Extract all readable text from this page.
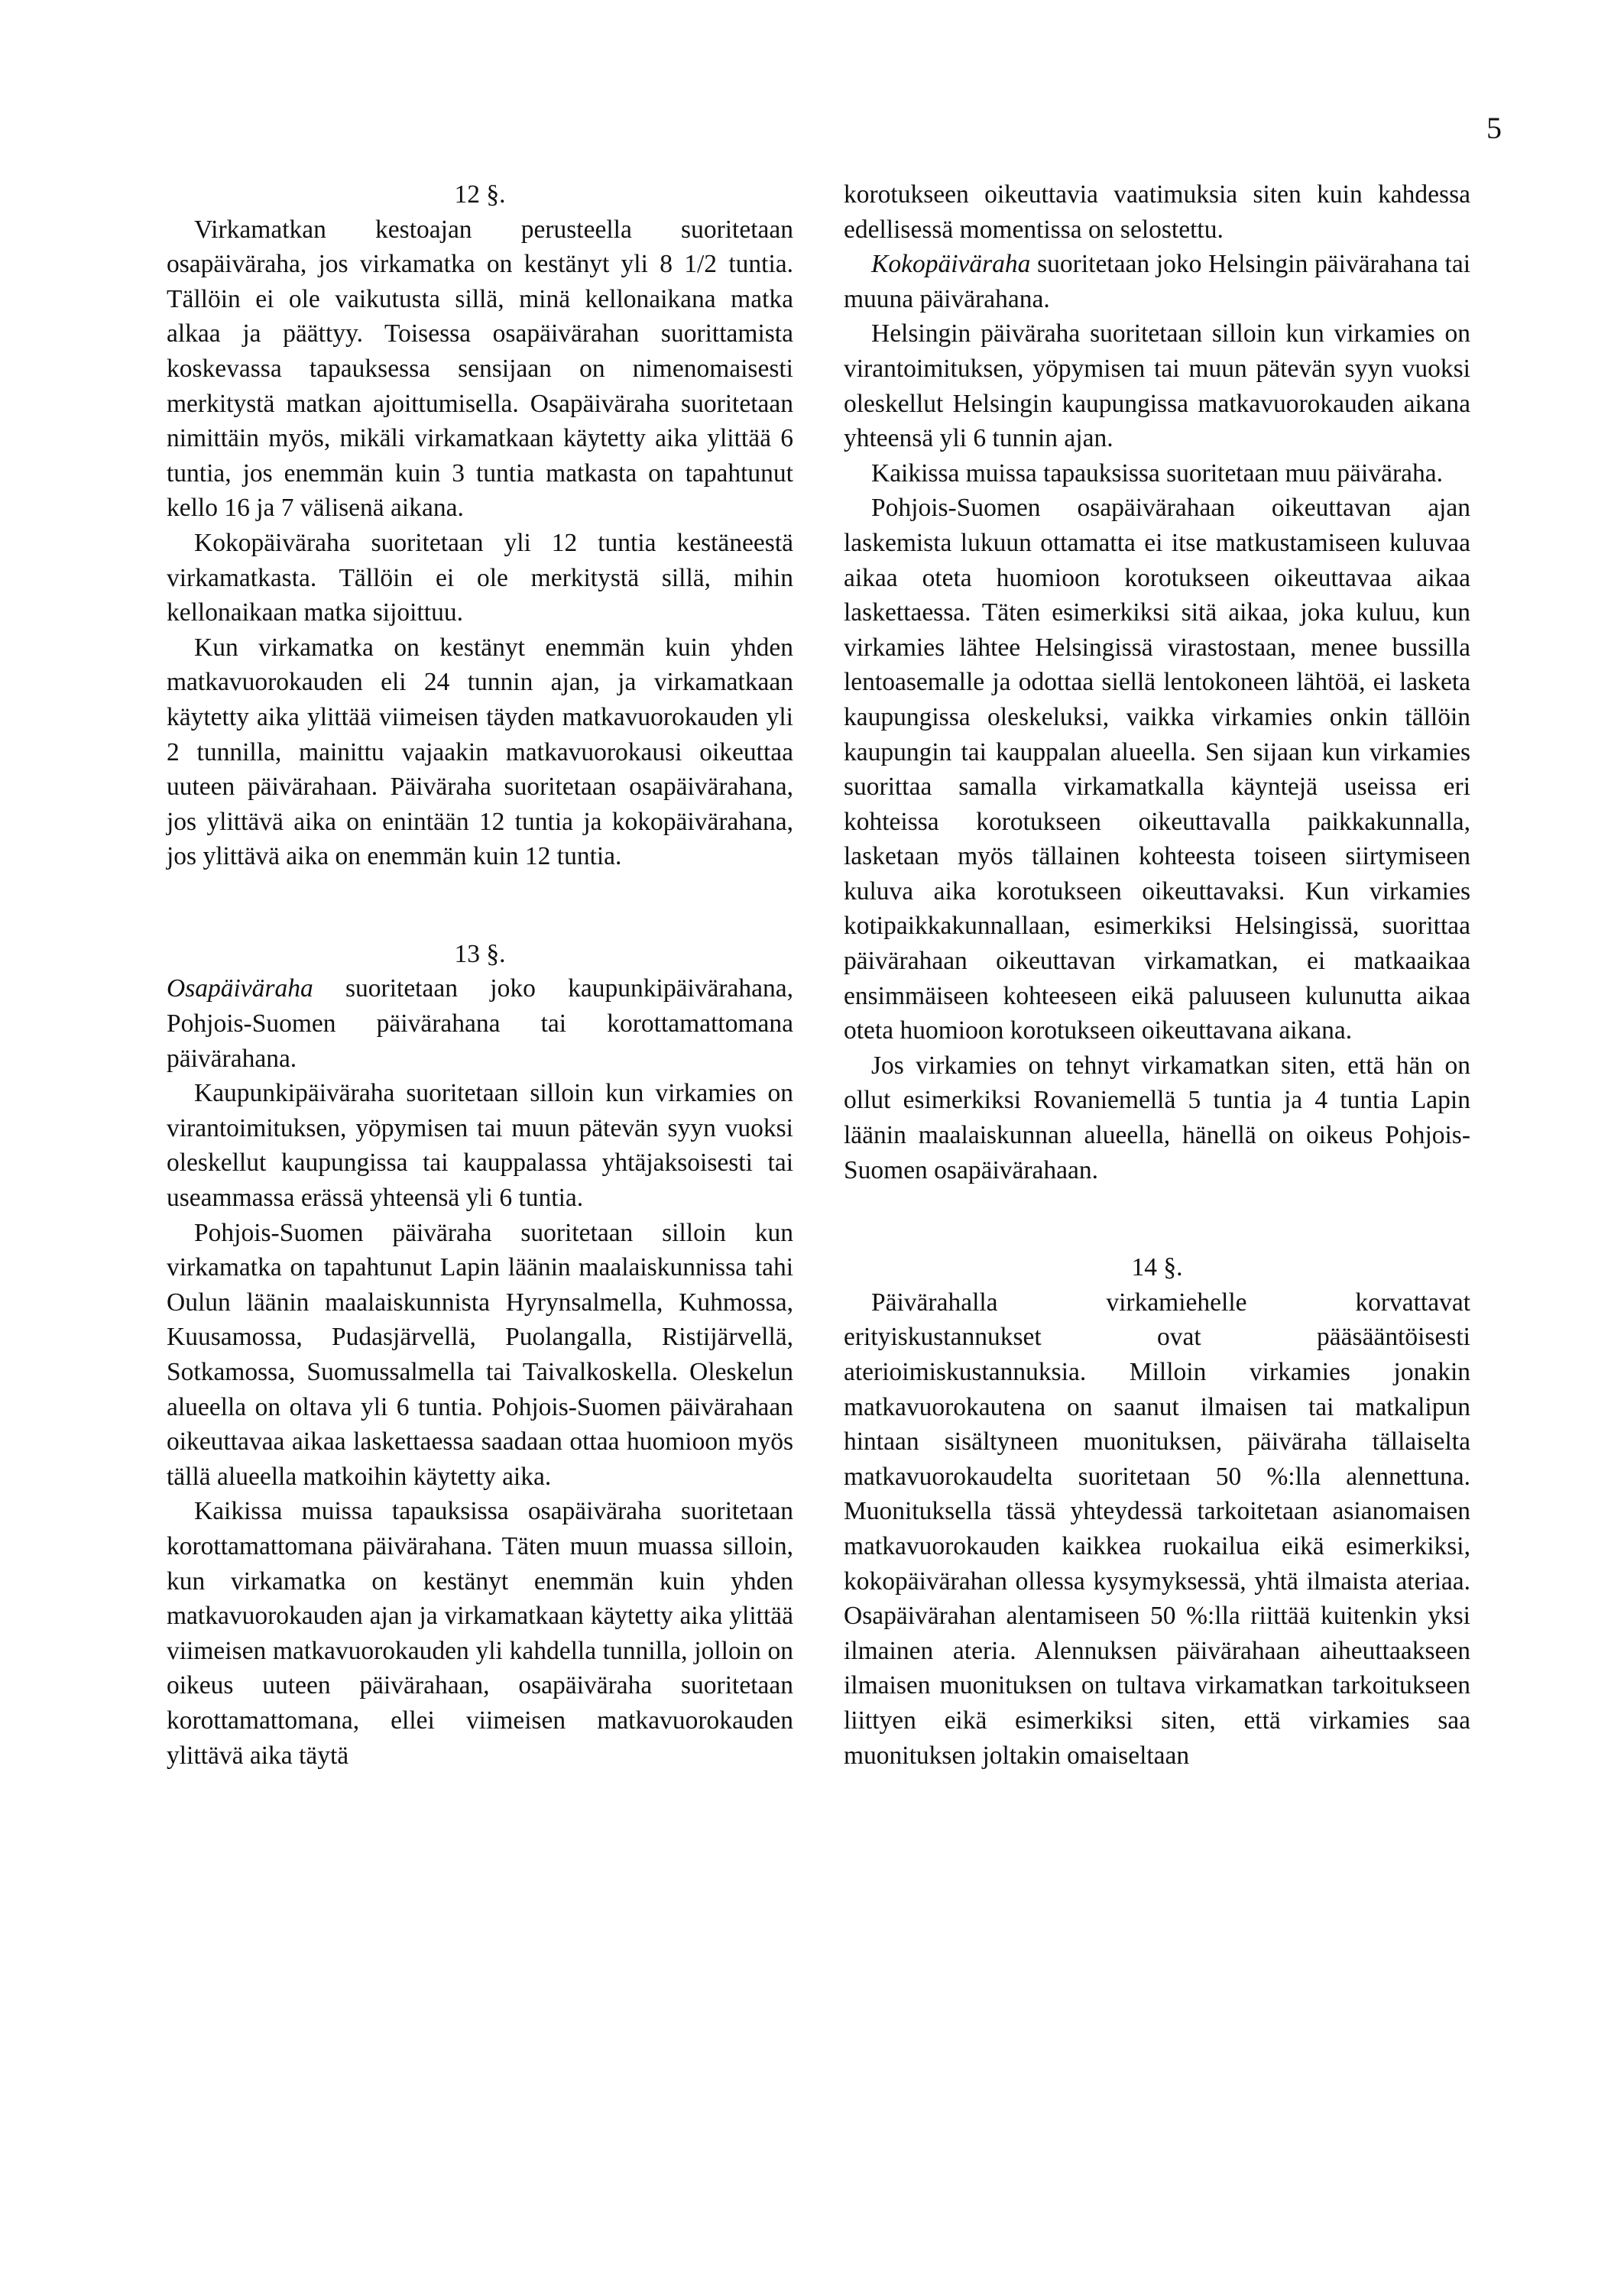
5
12 §.

Virkamatkan kestoajan perusteella suoritetaan osapäiväraha, jos virkamatka on kestänyt yli 8 1/2 tuntia. Tällöin ei ole vaikutusta sillä, minä kellonaikana matka alkaa ja päättyy. Toisessa osapäivärahan suorittamista koskevassa tapauksessa sensijaan on nimenomaisesti merkitystä matkan ajoittumisella. Osapäiväraha suoritetaan nimittäin myös, mikäli virkamatkaan käytetty aika ylittää 6 tuntia, jos enemmän kuin 3 tuntia matkasta on tapahtunut kello 16 ja 7 välisenä aikana.

Kokopäiväraha suoritetaan yli 12 tuntia kestäneestä virkamatkasta. Tällöin ei ole merkitystä sillä, mihin kellonaikaan matka sijoittuu.

Kun virkamatka on kestänyt enemmän kuin yhden matkavuorokauden eli 24 tunnin ajan, ja virkamatkaan käytetty aika ylittää viimeisen täyden matkavuorokauden yli 2 tunnilla, mainittu vajaakin matkavuorokausi oikeuttaa uuteen päivärahaan. Päiväraha suoritetaan osapäivärahana, jos ylittävä aika on enintään 12 tuntia ja kokopäivärahana, jos ylittävä aika on enemmän kuin 12 tuntia.

13 §.

Osapäiväraha suoritetaan joko kaupunkipäivärahana, Pohjois-Suomen päivärahana tai korottamattomana päivärahana.

Kaupunkipäiväraha suoritetaan silloin kun virkamies on virantoimituksen, yöpymisen tai muun pätevän syyn vuoksi oleskellut kaupungissa tai kauppalassa yhtäjaksoisesti tai useammassa erässä yhteensä yli 6 tuntia.

Pohjois-Suomen päiväraha suoritetaan silloin kun virkamatka on tapahtunut Lapin läänin maalaiskunnissa tahi Oulun läänin maalaiskunnista Hyrynsalmella, Kuhmossa, Kuusamossa, Pudasjärvellä, Puolangalla, Ristijärvellä, Sotkamossa, Suomussalmella tai Taivalkoskella. Oleskelun alueella on oltava yli 6 tuntia. Pohjois-Suomen päivärahaan oikeuttavaa aikaa laskettaessa saadaan ottaa huomioon myös tällä alueella matkoihin käytetty aika.

Kaikissa muissa tapauksissa osapäiväraha suoritetaan korottamattomana päivärahana. Täten muun muassa silloin, kun virkamatka on kestänyt enemmän kuin yhden matkavuorokauden ajan ja virkamatkaan käytetty aika ylittää viimeisen matkavuorokauden yli kahdella tunnilla, jolloin on oikeus uuteen päivärahaan, osapäiväraha suoritetaan korottamattomana, ellei viimeisen matkavuorokauden ylittävä aika täytä

korotukseen oikeuttavia vaatimuksia siten kuin kahdessa edellisessä momentissa on selostettu.

Kokopäiväraha suoritetaan joko Helsingin päivärahana tai muuna päivärahana.

Helsingin päiväraha suoritetaan silloin kun virkamies on virantoimituksen, yöpymisen tai muun pätevän syyn vuoksi oleskellut Helsingin kaupungissa matkavuorokauden aikana yhteensä yli 6 tunnin ajan.

Kaikissa muissa tapauksissa suoritetaan muu päiväraha.

Pohjois-Suomen osapäivärahaan oikeuttavan ajan laskemista lukuun ottamatta ei itse matkustamiseen kuluvaa aikaa oteta huomioon korotukseen oikeuttavaa aikaa laskettaessa. Täten esimerkiksi sitä aikaa, joka kuluu, kun virkamies lähtee Helsingissä virastostaan, menee bussilla lentoasemalle ja odottaa siellä lentokoneen lähtöä, ei lasketa kaupungissa oleskeluksi, vaikka virkamies onkin tällöin kaupungin tai kauppalan alueella. Sen sijaan kun virkamies suorittaa samalla virkamatkalla käyntejä useissa eri kohteissa korotukseen oikeuttavalla paikkakunnalla, lasketaan myös tällainen kohteesta toiseen siirtymiseen kuluva aika korotukseen oikeuttavaksi. Kun virkamies kotipaikkakunnallaan, esimerkiksi Helsingissä, suorittaa päivärahaan oikeuttavan virkamatkan, ei matkaaikaa ensimmäiseen kohteeseen eikä paluuseen kulunutta aikaa oteta huomioon korotukseen oikeuttavana aikana.

Jos virkamies on tehnyt virkamatkan siten, että hän on ollut esimerkiksi Rovaniemellä 5 tuntia ja 4 tuntia Lapin läänin maalaiskunnan alueella, hänellä on oikeus Pohjois-Suomen osapäivärahaan.

14 §.

Päivärahalla virkamiehelle korvattavat erityiskustannukset ovat pääsääntöisesti aterioimiskustannuksia. Milloin virkamies jonakin matkavuorokautena on saanut ilmaisen tai matkalipun hintaan sisältyneen muonituksen, päiväraha tällaiselta matkavuorokaudelta suoritetaan 50 %:lla alennettuna. Muonituksella tässä yhteydessä tarkoitetaan asianomaisen matkavuorokauden kaikkea ruokailua eikä esimerkiksi, kokopäivärahan ollessa kysymyksessä, yhtä ilmaista ateriaa. Osapäivärahan alentamiseen 50 %:lla riittää kuitenkin yksi ilmainen ateria. Alennuksen päivärahaan aiheuttaakseen ilmaisen muonituksen on tultava virkamatkan tarkoitukseen liittyen eikä esimerkiksi siten, että virkamies saa muonituksen joltakin omaiseltaan
